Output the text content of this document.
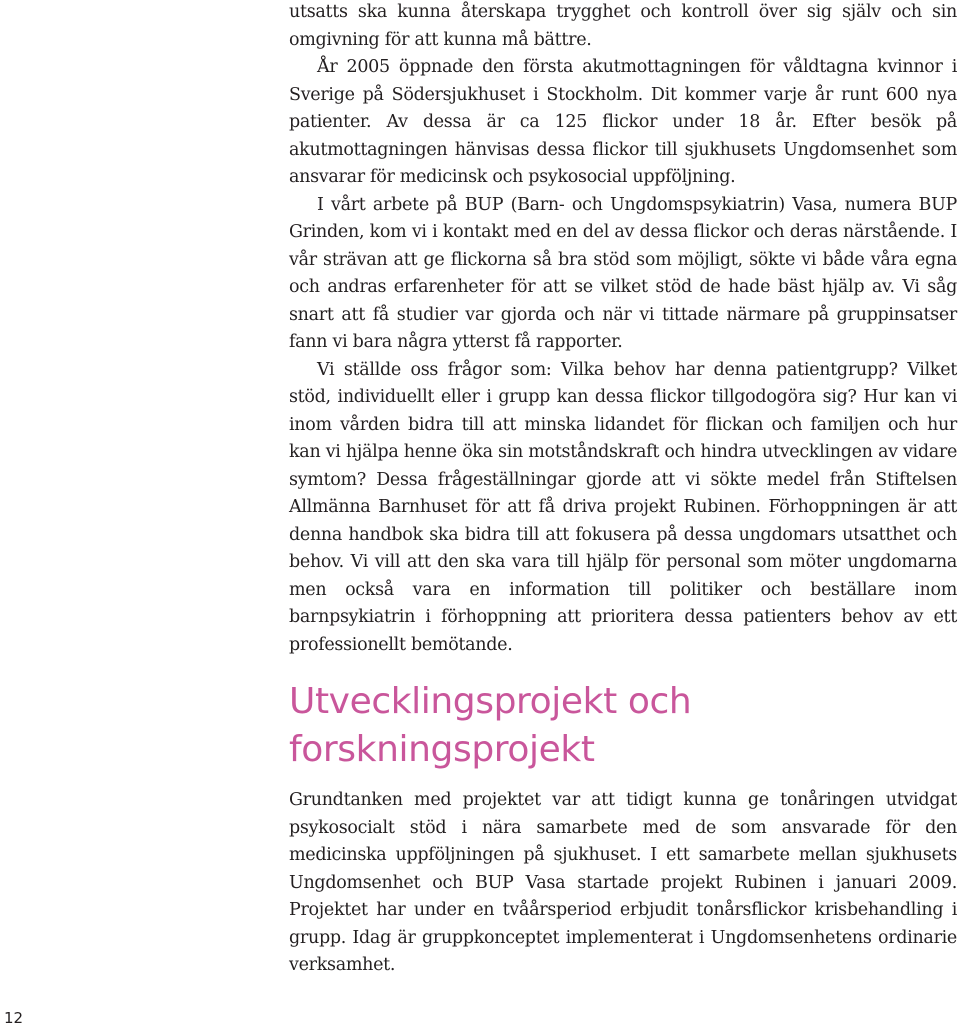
utsatts ska kunna återskapa trygghet och kontroll över sig själv och sin omgivning för att kunna må bättre.

År 2005 öppnade den första akutmottagningen för våldtagna kvinnor i Sverige på Södersjukhuset i Stockholm. Dit kommer varje år runt 600 nya patienter. Av dessa är ca 125 flickor under 18 år. Efter besök på akutmottagningen hänvisas dessa flickor till sjukhusets Ungdomsenhet som ansvarar för medicinsk och psykosocial uppföljning.

I vårt arbete på BUP (Barn- och Ungdomspsykiatrin) Vasa, numera BUP Grinden, kom vi i kontakt med en del av dessa flickor och deras närstående. I vår strävan att ge flickorna så bra stöd som möjligt, sökte vi både våra egna och andras erfarenheter för att se vilket stöd de hade bäst hjälp av. Vi såg snart att få studier var gjorda och när vi tittade närmare på gruppinsatser fann vi bara några ytterst få rapporter.

Vi ställde oss frågor som: Vilka behov har denna patientgrupp? Vilket stöd, individuellt eller i grupp kan dessa flickor tillgodogöra sig? Hur kan vi inom vården bidra till att minska lidandet för flickan och familjen och hur kan vi hjälpa henne öka sin motståndskraft och hindra utvecklingen av vidare symtom? Dessa frågeställningar gjorde att vi sökte medel från Stiftelsen Allmänna Barnhuset för att få driva projekt Rubinen. Förhoppningen är att denna handbok ska bidra till att fokusera på dessa ungdomars utsatthet och behov. Vi vill att den ska vara till hjälp för personal som möter ungdomarna men också vara en information till politiker och beställare inom barnpsykiatrin i förhoppning att prioritera dessa patienters behov av ett professionellt bemötande.

Utvecklingsprojekt och
forskningsprojekt

Grundtanken med projektet var att tidigt kunna ge tonåringen utvidgat psykosocialt stöd i nära samarbete med de som ansvarade för den medicinska uppföljningen på sjukhuset. I ett samarbete mellan sjukhusets Ungdomsenhet och BUP Vasa startade projekt Rubinen i januari 2009. Projektet har under en tvåårsperiod erbjudit tonårsflickor krisbehandling i grupp. Idag är gruppkonceptet implementerat i Ungdomsenhetens ordinarie verksamhet.

12
